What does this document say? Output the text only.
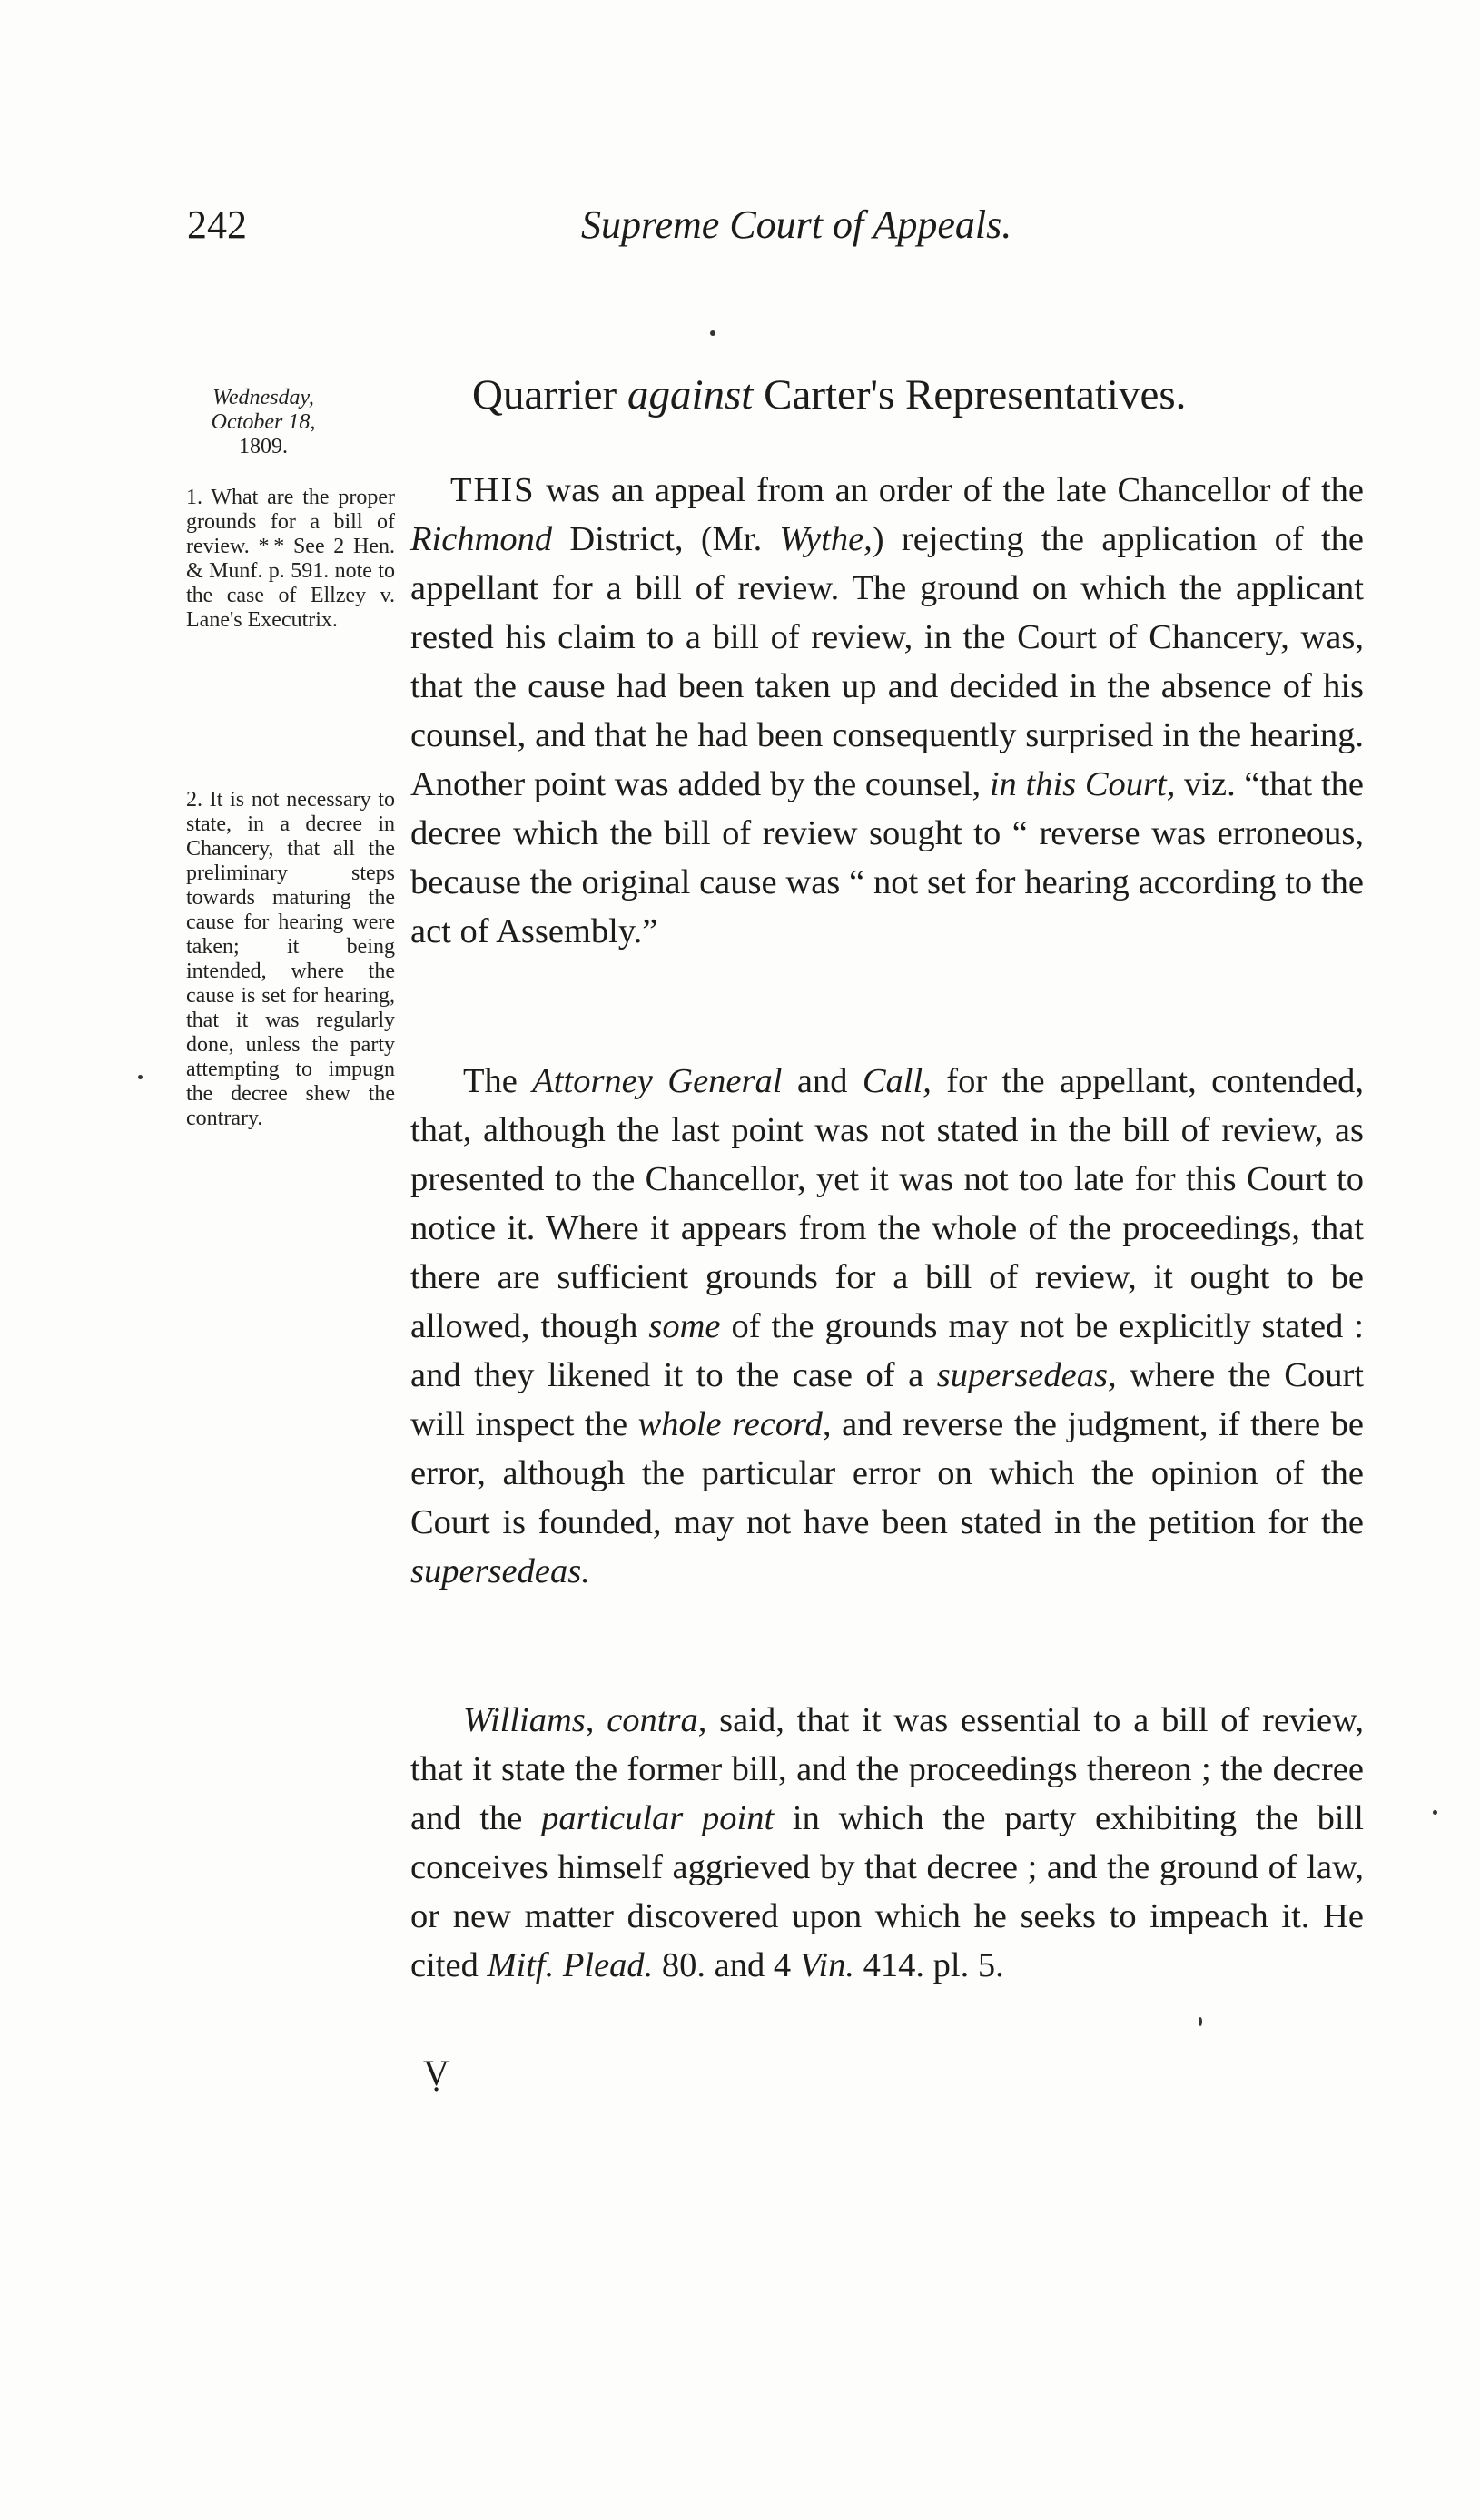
242	Supreme Court of Appeals.
Wednesday,
October 18,
1809.
1. What are the proper grounds for a bill of review. * * See 2 Hen. & Munf. p. 591. note to the case of Ellzey v. Lane's Executrix.
2. It is not necessary to state, in a decree in Chancery, that all the preliminary steps towards maturing the cause for hearing were taken; it being intended, where the cause is set for hearing, that it was regularly done, unless the party attempting to impugn the decree shew the contrary.
Quarrier against Carter's Representatives.
THIS was an appeal from an order of the late Chancellor of the Richmond District, (Mr. Wythe,) rejecting the application of the appellant for a bill of review. The ground on which the applicant rested his claim to a bill of review, in the Court of Chancery, was, that the cause had been taken up and decided in the absence of his counsel, and that he had been consequently surprised in the hearing. Another point was added by the counsel, in this Court, viz. “that the decree which the bill of review sought to “ reverse was erroneous, because the original cause was “ not set for hearing according to the act of Assembly.”
The Attorney General and Call, for the appellant, contended, that, although the last point was not stated in the bill of review, as presented to the Chancellor, yet it was not too late for this Court to notice it. Where it appears from the whole of the proceedings, that there are sufficient grounds for a bill of review, it ought to be allowed, though some of the grounds may not be explicitly stated : and they likened it to the case of a supersedeas, where the Court will inspect the whole record, and reverse the judgment, if there be error, although the particular error on which the opinion of the Court is founded, may not have been stated in the petition for the supersedeas.
Williams, contra, said, that it was essential to a bill of review, that it state the former bill, and the proceedings thereon ; the decree and the particular point in which the party exhibiting the bill conceives himself aggrieved by that decree ; and the ground of law, or new matter discovered upon which he seeks to impeach it. He cited Mitf. Plead. 80. and 4 Vin. 414. pl. 5.
Ṿ
